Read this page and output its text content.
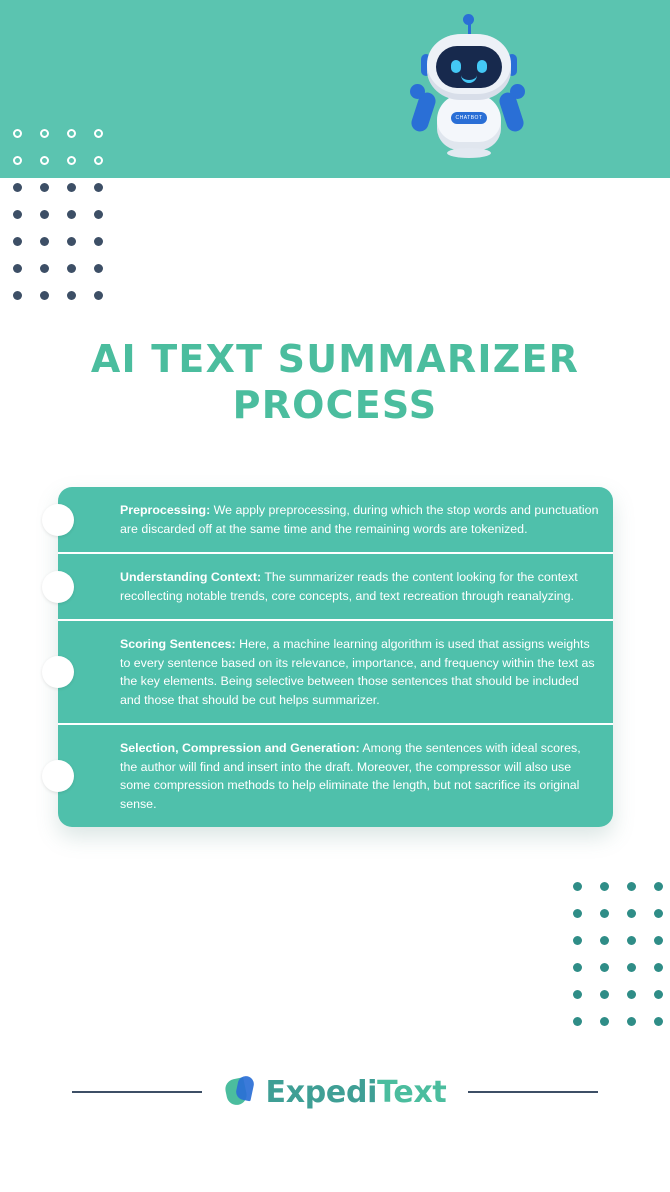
CHATBOT
AI TEXT SUMMARIZER
PROCESS
Preprocessing: We apply preprocessing, during which the stop words and punctuation are discarded off at the same time and the remaining words are tokenized.
Understanding Context: The summarizer reads the content looking for the context recollecting notable trends, core concepts, and text recreation through reanalyzing.
Scoring Sentences: Here, a machine learning algorithm is used that assigns weights to every sentence based on its relevance, importance, and frequency within the text as the key elements. Being selective between those sentences that should be included and those that should be cut helps summarizer.
Selection, Compression and Generation: Among the sentences with ideal scores, the author will find and insert into the draft. Moreover, the compressor will also use some compression methods to help eliminate the length, but not sacrifice its original sense.
ExpediText
